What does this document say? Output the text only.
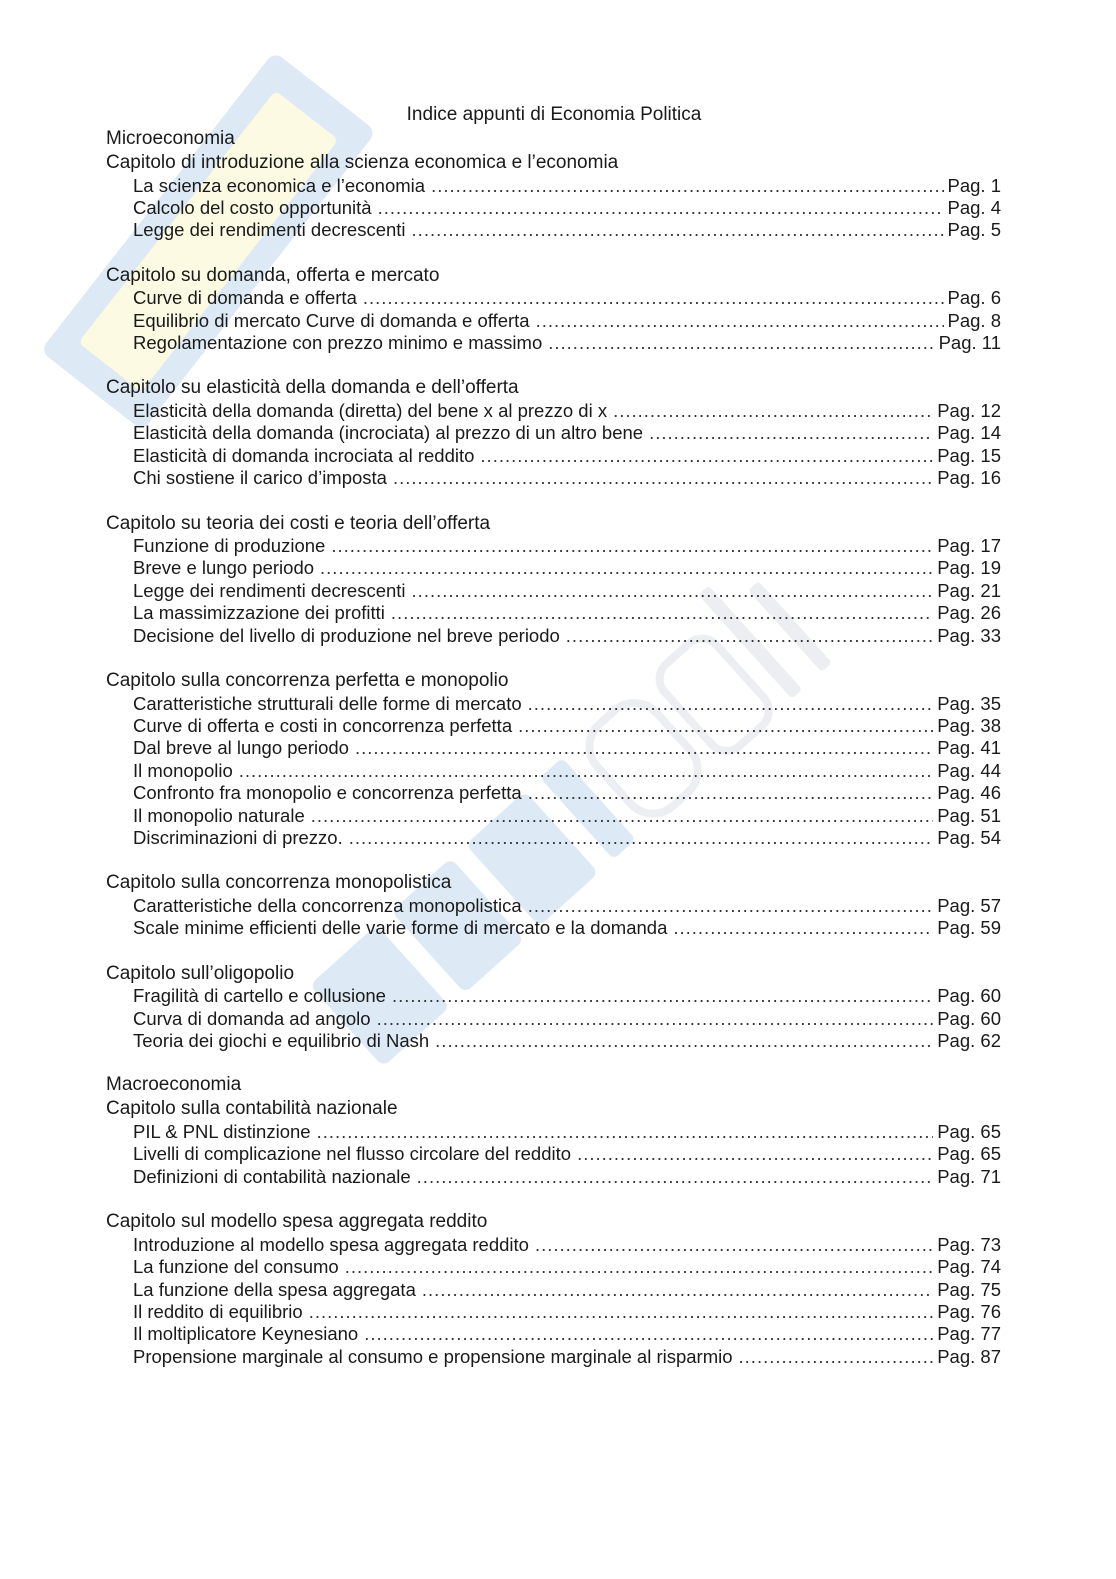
Indice appunti di Economia Politica
Microeconomia
Capitolo di introduzione alla scienza economica e l’economia
La scienza economica e l’economia .....	Pag. 1
Calcolo del costo opportunità .....	Pag. 4
Legge dei rendimenti decrescenti .....	Pag. 5
Capitolo su domanda, offerta e mercato
Curve di domanda e offerta .....	Pag. 6
Equilibrio di mercato Curve di domanda e offerta .....	Pag. 8
Regolamentazione con prezzo minimo e massimo .....	Pag. 11
Capitolo su elasticità della domanda e dell’offerta
Elasticità della domanda (diretta) del bene x al prezzo di x .....	Pag. 12
Elasticità della domanda (incrociata) al prezzo di un altro bene .....	Pag. 14
Elasticità di domanda incrociata al reddito .....	Pag. 15
Chi sostiene il carico d’imposta .....	Pag. 16
Capitolo su teoria dei costi e teoria dell’offerta
Funzione di produzione .....	Pag. 17
Breve e lungo periodo .....	Pag. 19
Legge dei rendimenti decrescenti .....	Pag. 21
La massimizzazione dei profitti .....	Pag. 26
Decisione del livello di produzione nel breve periodo .....	Pag. 33
Capitolo sulla concorrenza perfetta e monopolio
Caratteristiche strutturali delle forme di mercato .....	Pag. 35
Curve di offerta e costi in concorrenza perfetta .....	Pag. 38
Dal breve al lungo periodo .....	Pag. 41
Il monopolio .....	Pag. 44
Confronto fra monopolio e concorrenza perfetta .....	Pag. 46
Il monopolio naturale .....	Pag. 51
Discriminazioni di prezzo. .....	Pag. 54
Capitolo sulla concorrenza monopolistica
Caratteristiche della concorrenza monopolistica .....	Pag. 57
Scale minime efficienti delle varie forme di mercato e la domanda .....	Pag. 59
Capitolo sull’oligopolio
Fragilità di cartello e collusione .....	Pag. 60
Curva di domanda ad angolo .....	Pag. 60
Teoria dei giochi e equilibrio di Nash .....	Pag. 62
Macroeconomia
Capitolo sulla contabilità nazionale
PIL & PNL distinzione .....	Pag. 65
Livelli di complicazione nel flusso circolare del reddito .....	Pag. 65
Definizioni di contabilità nazionale .....	Pag. 71
Capitolo sul modello spesa aggregata reddito
Introduzione al modello spesa aggregata reddito .....	Pag. 73
La funzione del consumo .....	Pag. 74
La funzione della spesa aggregata .....	Pag. 75
Il reddito di equilibrio .....	Pag. 76
Il moltiplicatore Keynesiano .....	Pag. 77
Propensione marginale al consumo e propensione marginale al risparmio .....	Pag. 87
